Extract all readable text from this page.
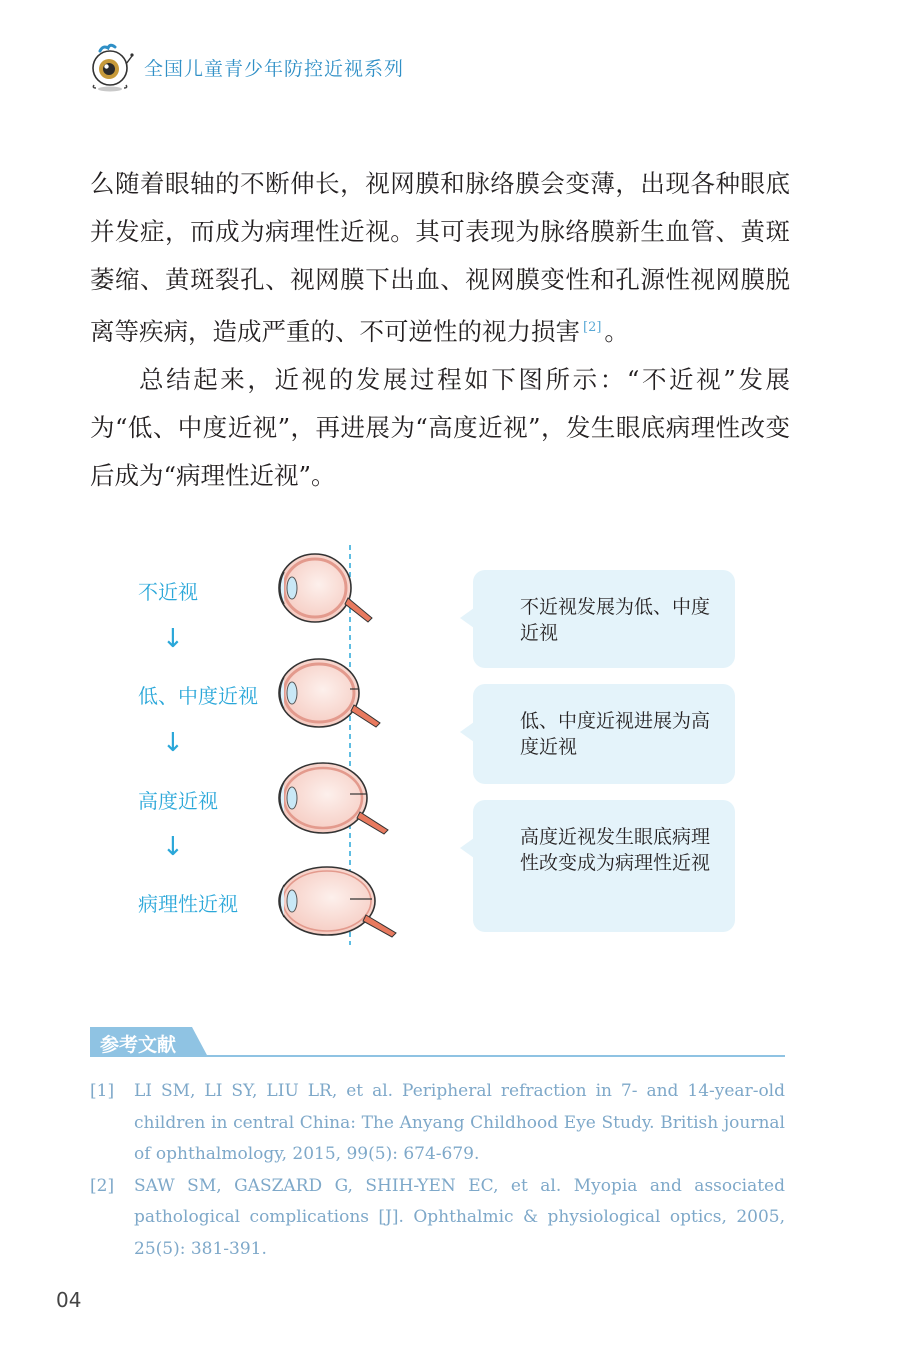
全国儿童青少年防控近视系列

么随着眼轴的不断伸长，视网膜和脉络膜会变薄，出现各种眼底并发症，而成为病理性近视。其可表现为脉络膜新生血管、黄斑萎缩、黄斑裂孔、视网膜下出血、视网膜变性和孔源性视网膜脱离等疾病，造成严重的、不可逆性的视力损害 [2] 。

总结起来，近视的发展过程如下图所示：“不近视”发展为“低、中度近视”，再进展为“高度近视”，发生眼底病理性改变后成为“病理性近视”。

不近视
↓
低、中度近视
↓
高度近视
↓
病理性近视
不近视发展为低、中度近视
低、中度近视进展为高度近视
高度近视发生眼底病理性改变成为病理性近视
参考文献
[1] LI SM, LI SY, LIU LR, et al. Peripheral refraction in 7- and 14-year-old children in central China: The Anyang Childhood Eye Study. British journal of ophthalmology, 2015, 99(5): 674-679.
[2] SAW SM, GASZARD G, SHIH-YEN EC, et al. Myopia and associated pathological complications [J]. Ophthalmic & physiological optics, 2005, 25(5): 381-391.
04
